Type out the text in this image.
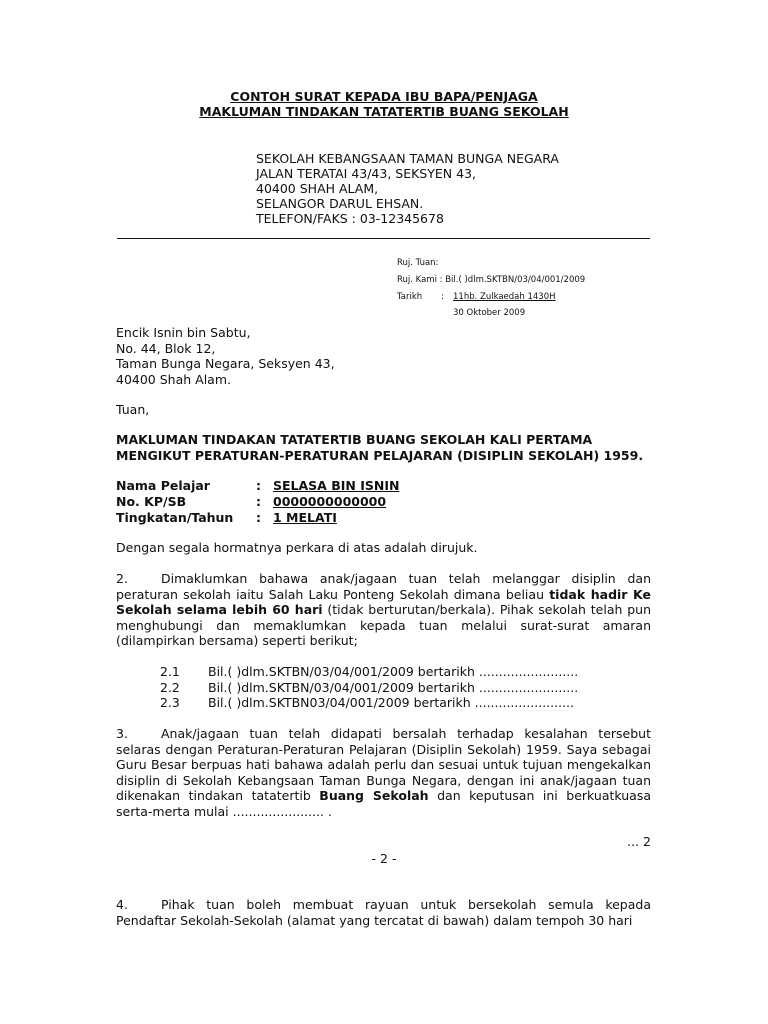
CONTOH SURAT KEPADA IBU BAPA/PENJAGA
MAKLUMAN TINDAKAN TATATERTIB BUANG SEKOLAH
SEKOLAH KEBANGSAAN TAMAN BUNGA NEGARA
JALAN TERATAI 43/43, SEKSYEN 43,
40400 SHAH ALAM,
SELANGOR DARUL EHSAN.
TELEFON/FAKS : 03-12345678
Ruj. Tuan:
Ruj. Kami : Bil.( )dlm.SKTBN/03/04/001/2009
Tarikh : 11hb. Zulkaedah 1430H
30 Oktober 2009
Encik Isnin bin Sabtu,
No. 44, Blok 12,
Taman Bunga Negara, Seksyen 43,
40400 Shah Alam.
Tuan,
MAKLUMAN TINDAKAN TATATERTIB BUANG SEKOLAH KALI PERTAMA
MENGIKUT PERATURAN-PERATURAN PELAJARAN (DISIPLIN SEKOLAH) 1959.
Nama Pelajar	: SELASA BIN ISNIN
No. KP/SB	: 0000000000000
Tingkatan/Tahun : 1 MELATI
Dengan segala hormatnya perkara di atas adalah dirujuk.
2.	Dimaklumkan bahawa anak/jagaan tuan telah melanggar disiplin dan peraturan sekolah iaitu Salah Laku Ponteng Sekolah dimana beliau tidak hadir Ke Sekolah selama lebih 60 hari (tidak berturutan/berkala). Pihak sekolah telah pun menghubungi dan memaklumkan kepada tuan melalui surat-surat amaran (dilampirkan bersama) seperti berikut;
2.1 Bil.( )dlm.SKTBN/03/04/001/2009 bertarikh .........................
2.2 Bil.( )dlm.SKTBN/03/04/001/2009 bertarikh .........................
2.3 Bil.( )dlm.SKTBN03/04/001/2009 bertarikh .........................
3.	Anak/jagaan tuan telah didapati bersalah terhadap kesalahan tersebut selaras dengan Peraturan-Peraturan Pelajaran (Disiplin Sekolah) 1959. Saya sebagai Guru Besar berpuas hati bahawa adalah perlu dan sesuai untuk tujuan mengekalkan disiplin di Sekolah Kebangsaan Taman Bunga Negara, dengan ini anak/jagaan tuan dikenakan tindakan tatatertib Buang Sekolah dan keputusan ini berkuatkuasa serta-merta mulai ....................... .
... 2
- 2 -
4.	Pihak tuan boleh membuat rayuan untuk bersekolah semula kepada Pendaftar Sekolah-Sekolah (alamat yang tercatat di bawah) dalam tempoh 30 hari
